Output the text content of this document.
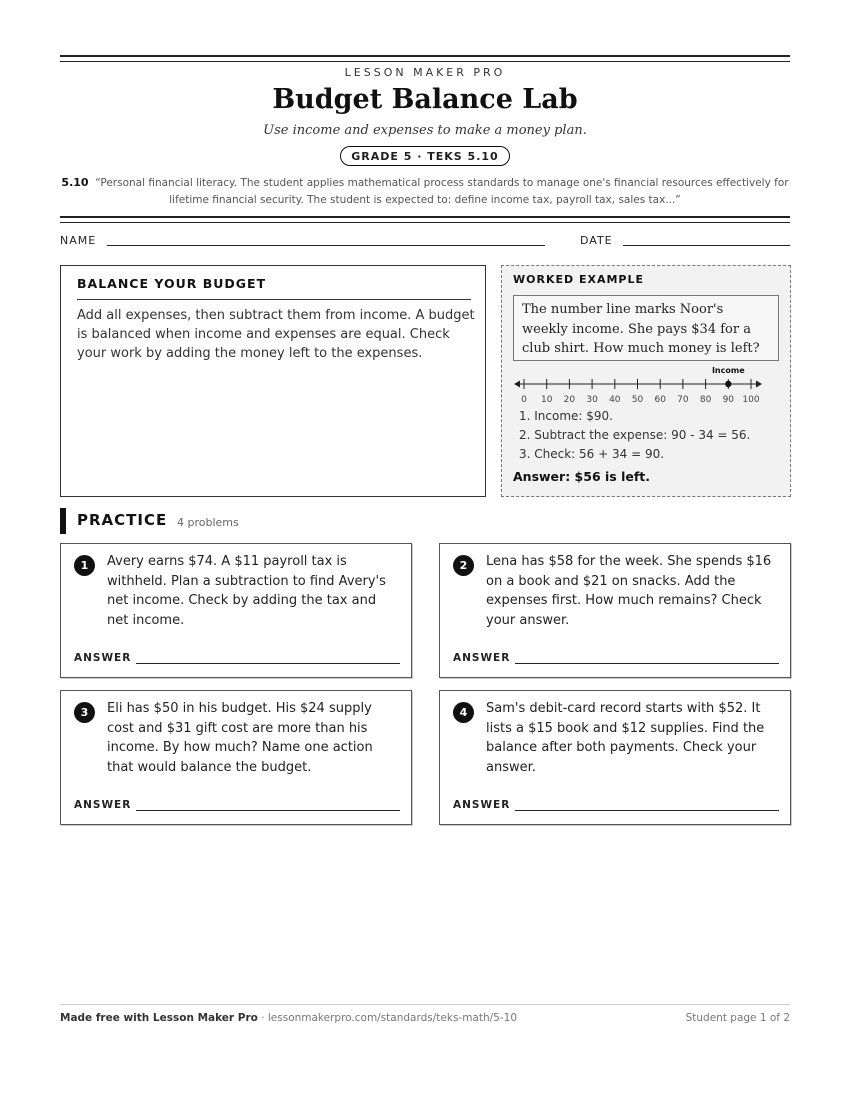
LESSON MAKER PRO
Budget Balance Lab
Use income and expenses to make a money plan.
GRADE 5 · TEKS 5.10
5.10 “Personal financial literacy. The student applies mathematical process standards to manage one's financial resources effectively for lifetime financial security. The student is expected to: define income tax, payroll tax, sales tax...”
NAME	DATE
BALANCE YOUR BUDGET

Add all expenses, then subtract them from income. A budget is balanced when income and expenses are equal. Check your work by adding the money left to the expenses.

WORKED EXAMPLE
The number line marks Noor's weekly income. She pays $34 for a club shirt. How much money is left?
0 10 20 30 40 50 60 70 80 90 100
Income
1. Income: $90.
2. Subtract the expense: 90 - 34 = 56.
3. Check: 56 + 34 = 90.
Answer: $56 is left.
PRACTICE 4 problems
1	Avery earns $74. A $11 payroll tax is withheld. Plan a subtraction to find Avery's net income. Check by adding the tax and net income.
ANSWER
2	Lena has $58 for the week. She spends $16 on a book and $21 on snacks. Add the expenses first. How much remains? Check your answer.
ANSWER
3	Eli has $50 in his budget. His $24 supply cost and $31 gift cost are more than his income. By how much? Name one action that would balance the budget.
ANSWER
4	Sam's debit-card record starts with $52. It lists a $15 book and $12 supplies. Find the balance after both payments. Check your answer.
ANSWER
Made free with Lesson Maker Pro · lessonmakerpro.com/standards/teks-math/5-10	Student page 1 of 2
